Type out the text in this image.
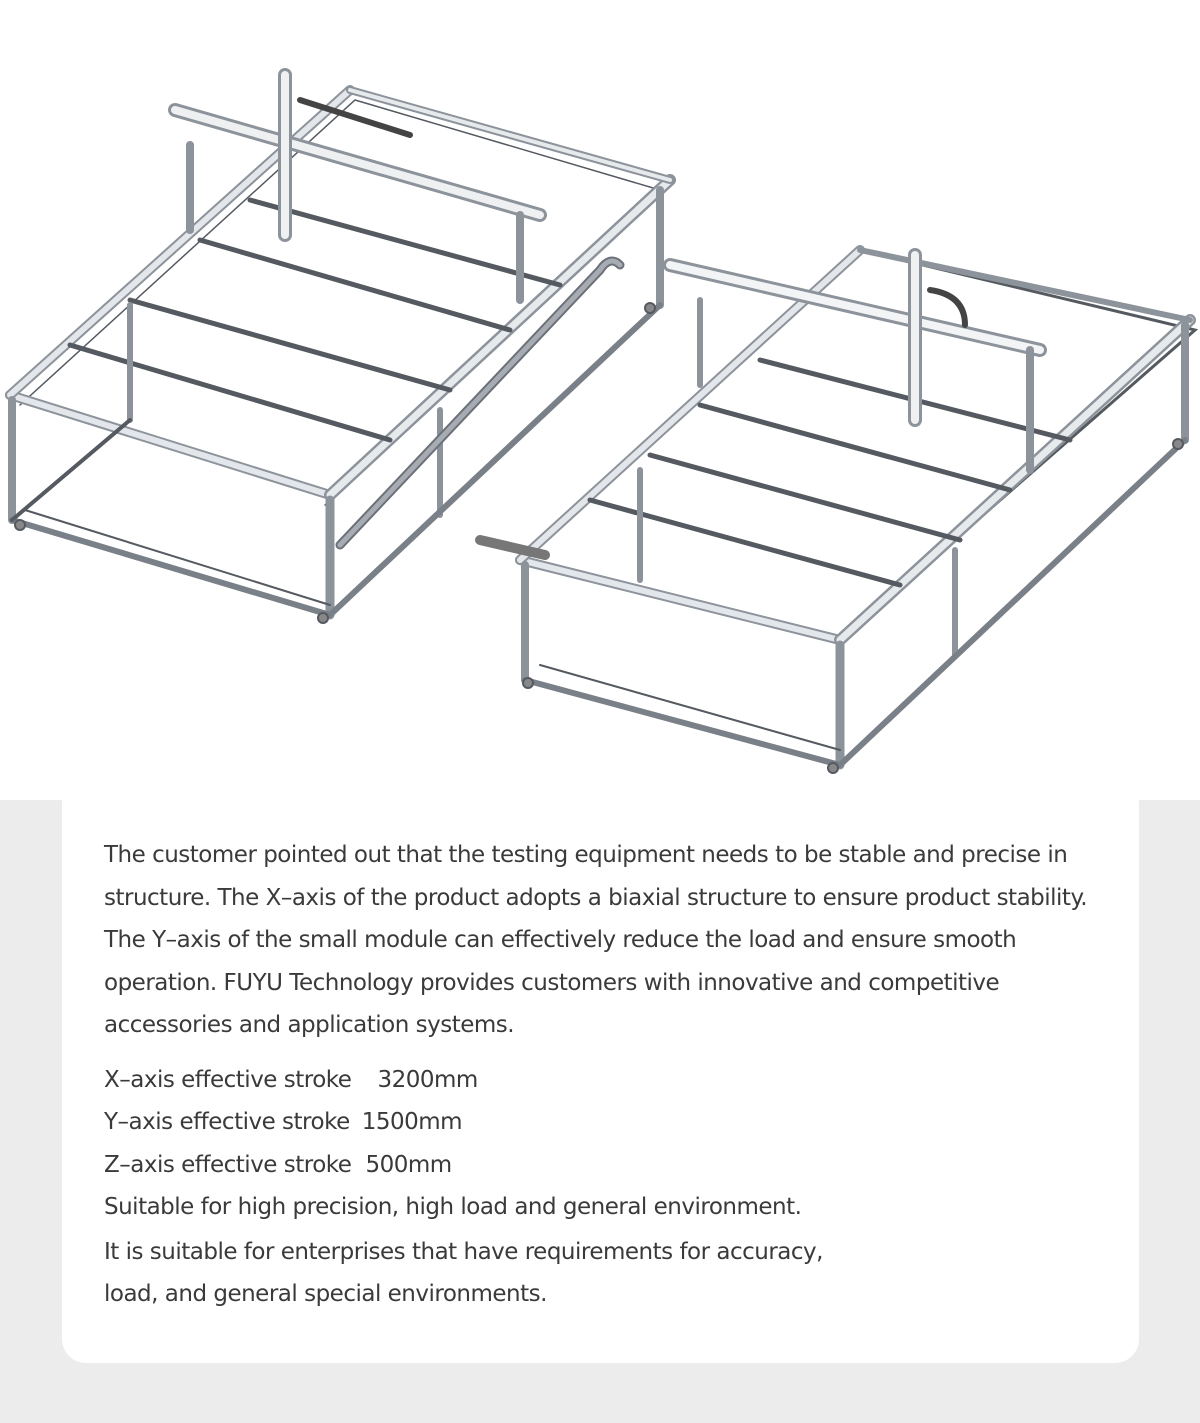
The customer pointed out that the testing equipment needs to be stable and precise in structure. The X–axis of the product adopts a biaxial structure to ensure product stability. The Y–axis of the small module can effectively reduce the load and ensure smooth operation. FUYU Technology provides customers with innovative and competitive accessories and application systems.

X–axis effective stroke 3200mm

Y–axis effective stroke 1500mm

Z–axis effective stroke 500mm

Suitable for high precision, high load and general environment.

It is suitable for enterprises that have requirements for accuracy, load, and general special environments.
